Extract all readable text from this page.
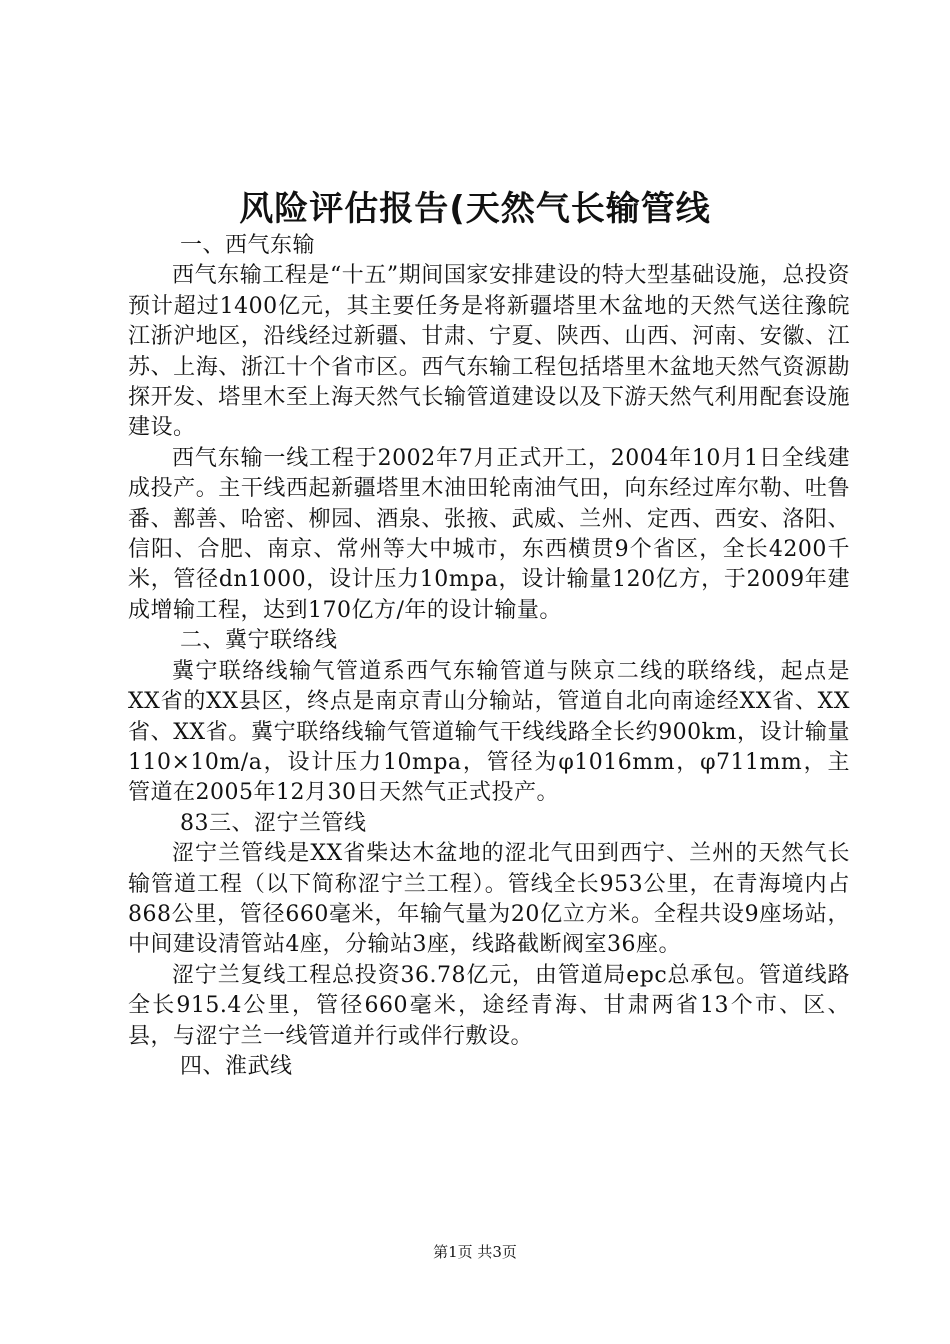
风险评估报告(天然气长输管线

一、西气东输

西气东输工程是“十五”期间国家安排建设的特大型基础设施，总投资预计超过1400亿元，其主要任务是将新疆塔里木盆地的天然气送往豫皖江浙沪地区，沿线经过新疆、甘肃、宁夏、陕西、山西、河南、安徽、江苏、上海、浙江十个省市区。西气东输工程包括塔里木盆地天然气资源勘探开发、塔里木至上海天然气长输管道建设以及下游天然气利用配套设施建设。

西气东输一线工程于2002年7月正式开工，2004年10月1日全线建成投产。主干线西起新疆塔里木油田轮南油气田，向东经过库尔勒、吐鲁番、鄯善、哈密、柳园、酒泉、张掖、武威、兰州、定西、西安、洛阳、信阳、合肥、南京、常州等大中城市，东西横贯9个省区，全长4200千米，管径dn1000，设计压力10mpa，设计输量120亿方，于2009年建成增输工程，达到170亿方/年的设计输量。

二、冀宁联络线

冀宁联络线输气管道系西气东输管道与陕京二线的联络线，起点是XX省的XX县区，终点是南京青山分输站，管道自北向南途经XX省、XX省、XX省。冀宁联络线输气管道输气干线线路全长约900km，设计输量110×10m/a，设计压力10mpa，管径为φ1016mm，φ711mm，主管道在2005年12月30日天然气正式投产。

83三、涩宁兰管线

涩宁兰管线是XX省柴达木盆地的涩北气田到西宁、兰州的天然气长输管道工程（以下简称涩宁兰工程）。管线全长953公里，在青海境内占868公里，管径660毫米，年输气量为20亿立方米。全程共设9座场站，中间建设清管站4座，分输站3座，线路截断阀室36座。

涩宁兰复线工程总投资36.78亿元，由管道局epc总承包。管道线路全长915.4公里，管径660毫米，途经青海、甘肃两省13个市、区、县，与涩宁兰一线管道并行或伴行敷设。

四、淮武线

第1页 共3页
